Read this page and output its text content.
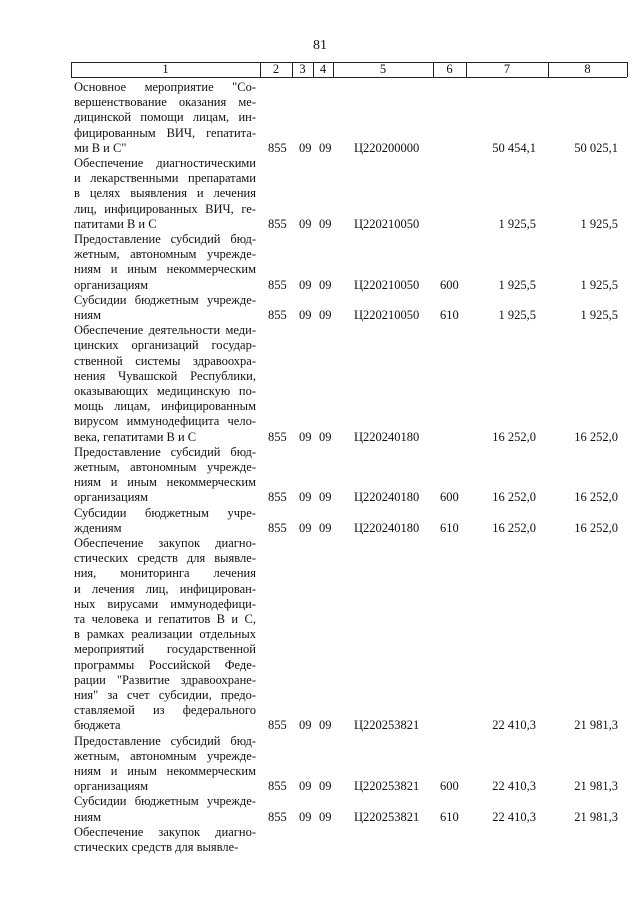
81
1	2	3	4	5	6	7	8
Основное мероприятие "Со-
вершенствование оказания ме-
дицинской помощи лицам, ин-
фицированным ВИЧ, гепатита-
ми В и С"	855 09 09 Ц220200000	50 454,1	50 025,1
Обеспечение диагностическими
и лекарственными препаратами
в целях выявления и лечения
лиц, инфицированных ВИЧ, ге-
патитами В и С	855 09 09 Ц220210050	1 925,5	1 925,5
Предоставление субсидий бюд-
жетным, автономным учрежде-
ниям и иным некоммерческим
организациям	855 09 09 Ц220210050	600	1 925,5	1 925,5
Субсидии бюджетным учрежде-
ниям	855 09 09 Ц220210050	610	1 925,5	1 925,5
Обеспечение деятельности меди-
цинских организаций государ-
ственной системы здравоохра-
нения Чувашской Республики,
оказывающих медицинскую по-
мощь лицам, инфицированным
вирусом иммунодефицита чело-
века, гепатитами В и С	855 09 09 Ц220240180	16 252,0	16 252,0
Предоставление субсидий бюд-
жетным, автономным учрежде-
ниям и иным некоммерческим
организациям	855 09 09 Ц220240180	600	16 252,0	16 252,0
Субсидии бюджетным учре-
ждениям	855 09 09 Ц220240180	610	16 252,0	16 252,0
Обеспечение закупок диагно-
стических средств для выявле-
ния, мониторинга лечения
и лечения лиц, инфицирован-
ных вирусами иммунодефици-
та человека и гепатитов В и С,
в рамках реализации отдельных
мероприятий государственной
программы Российской Феде-
рации "Развитие здравоохране-
ния" за счет субсидии, предо-
ставляемой из федерального
бюджета	855 09 09 Ц220253821	22 410,3	21 981,3
Предоставление субсидий бюд-
жетным, автономным учрежде-
ниям и иным некоммерческим
организациям	855 09 09 Ц220253821	600	22 410,3	21 981,3
Субсидии бюджетным учрежде-
ниям	855 09 09 Ц220253821	610	22 410,3	21 981,3
Обеспечение закупок диагно-
стических средств для выявле-
